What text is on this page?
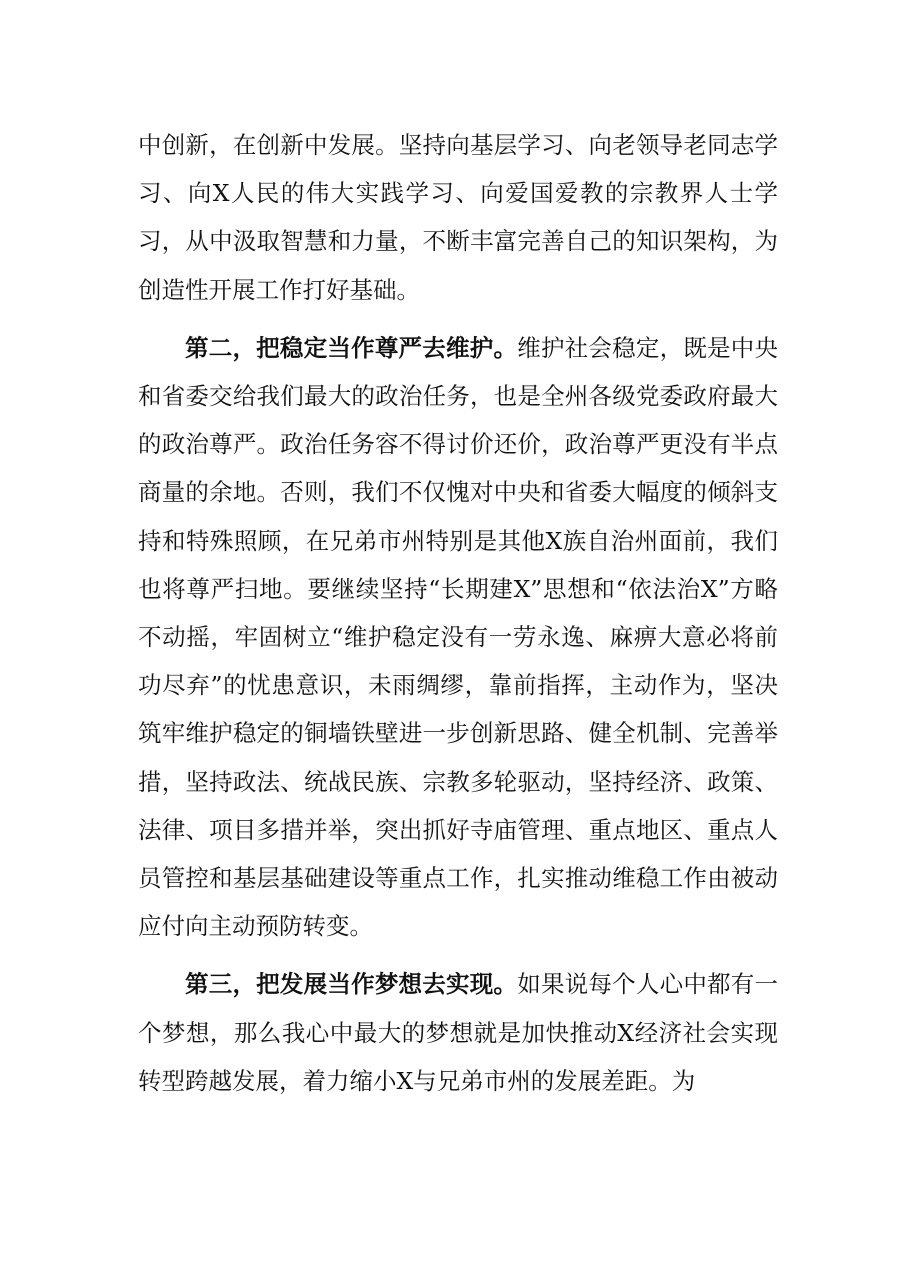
中创新，在创新中发展。坚持向基层学习、向老领导老同志学习、向X人民的伟大实践学习、向爱国爱教的宗教界人士学习，从中汲取智慧和力量，不断丰富完善自己的知识架构，为创造性开展工作打好基础。

第二，把稳定当作尊严去维护。维护社会稳定，既是中央和省委交给我们最大的政治任务，也是全州各级党委政府最大的政治尊严。政治任务容不得讨价还价，政治尊严更没有半点商量的余地。否则，我们不仅愧对中央和省委大幅度的倾斜支持和特殊照顾，在兄弟市州特别是其他X族自治州面前，我们也将尊严扫地。要继续坚持“长期建X”思想和“依法治X”方略不动摇，牢固树立“维护稳定没有一劳永逸、麻痹大意必将前功尽弃”的忧患意识，未雨绸缪，靠前指挥，主动作为，坚决筑牢维护稳定的铜墙铁壁进一步创新思路、健全机制、完善举措，坚持政法、统战民族、宗教多轮驱动，坚持经济、政策、法律、项目多措并举，突出抓好寺庙管理、重点地区、重点人员管控和基层基础建设等重点工作，扎实推动维稳工作由被动应付向主动预防转变。

第三，把发展当作梦想去实现。如果说每个人心中都有一个梦想，那么我心中最大的梦想就是加快推动X经济社会实现转型跨越发展，着力缩小X与兄弟市州的发展差距。为
